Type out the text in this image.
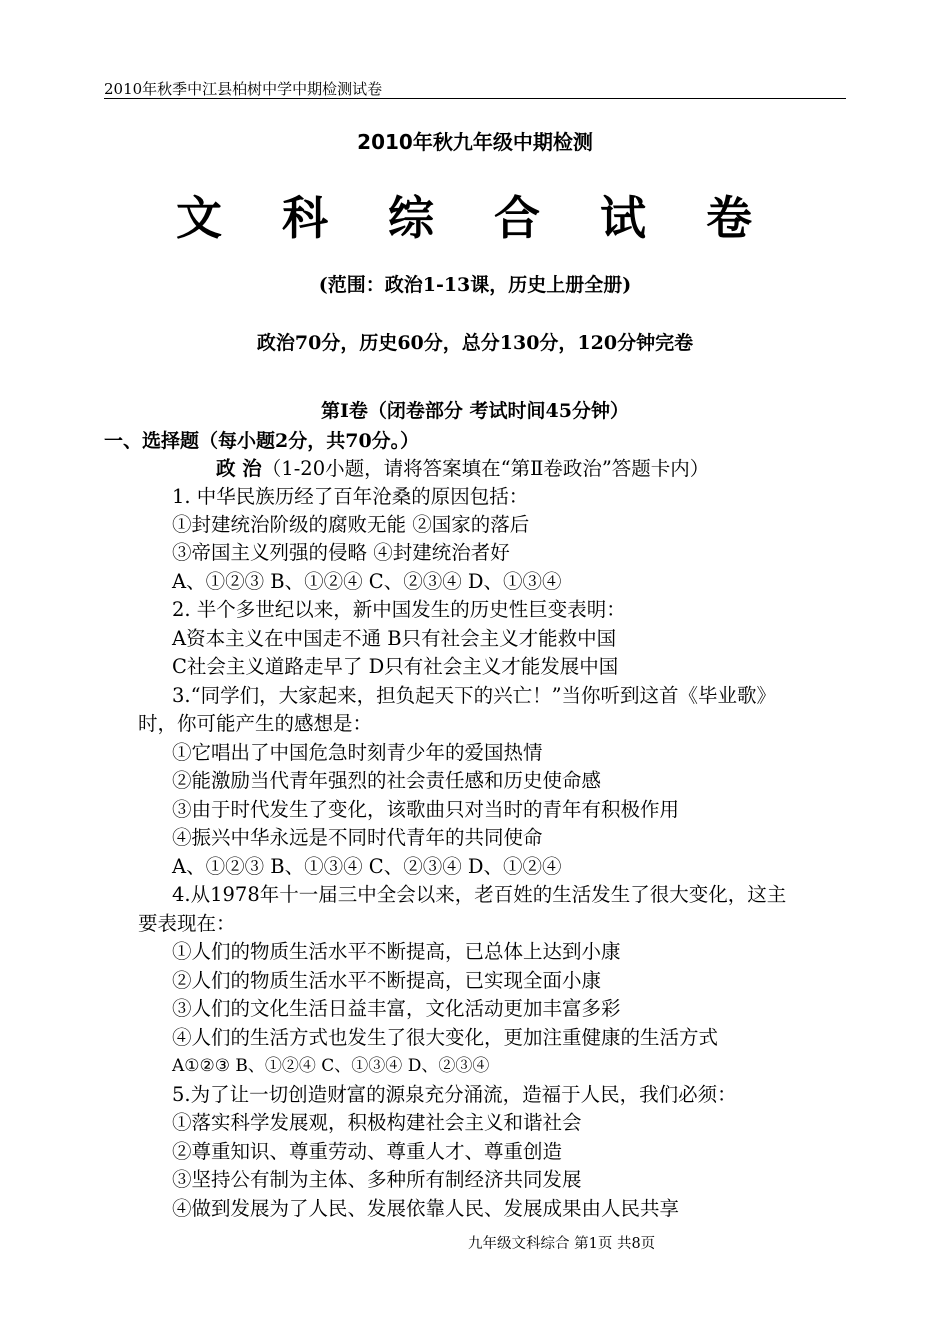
2010年秋季中江县柏树中学中期检测试卷
2010年秋九年级中期检测
文 科 综 合 试 卷
(范围：政治1-13课，历史上册全册)
政治70分，历史60分，总分130分，120分钟完卷
第Ⅰ卷（闭卷部分 考试时间45分钟）
一、选择题（每小题2分，共70分。）
政 治（1-20小题，请将答案填在“第Ⅱ卷政治”答题卡内）
1. 中华民族历经了百年沧桑的原因包括：
①封建统治阶级的腐败无能 ②国家的落后
③帝国主义列强的侵略 ④封建统治者好
A、①②③ B、①②④ C、②③④ D、①③④
2. 半个多世纪以来，新中国发生的历史性巨变表明：
A资本主义在中国走不通 B只有社会主义才能救中国
C社会主义道路走早了 D只有社会主义才能发展中国
3.“同学们，大家起来，担负起天下的兴亡！”当你听到这首《毕业歌》
时，你可能产生的感想是：
①它唱出了中国危急时刻青少年的爱国热情
②能激励当代青年强烈的社会责任感和历史使命感
③由于时代发生了变化，该歌曲只对当时的青年有积极作用
④振兴中华永远是不同时代青年的共同使命
A、①②③ B、①③④ C、②③④ D、①②④
4.从1978年十一届三中全会以来，老百姓的生活发生了很大变化，这主
要表现在：
①人们的物质生活水平不断提高，已总体上达到小康
②人们的物质生活水平不断提高，已实现全面小康
③人们的文化生活日益丰富，文化活动更加丰富多彩
④人们的生活方式也发生了很大变化，更加注重健康的生活方式
A①②③ B、①②④ C、①③④ D、②③④
5.为了让一切创造财富的源泉充分涌流，造福于人民，我们必须：
①落实科学发展观，积极构建社会主义和谐社会
②尊重知识、尊重劳动、尊重人才、尊重创造
③坚持公有制为主体、多种所有制经济共同发展
④做到发展为了人民、发展依靠人民、发展成果由人民共享
九年级文科综合 第1页 共8页
